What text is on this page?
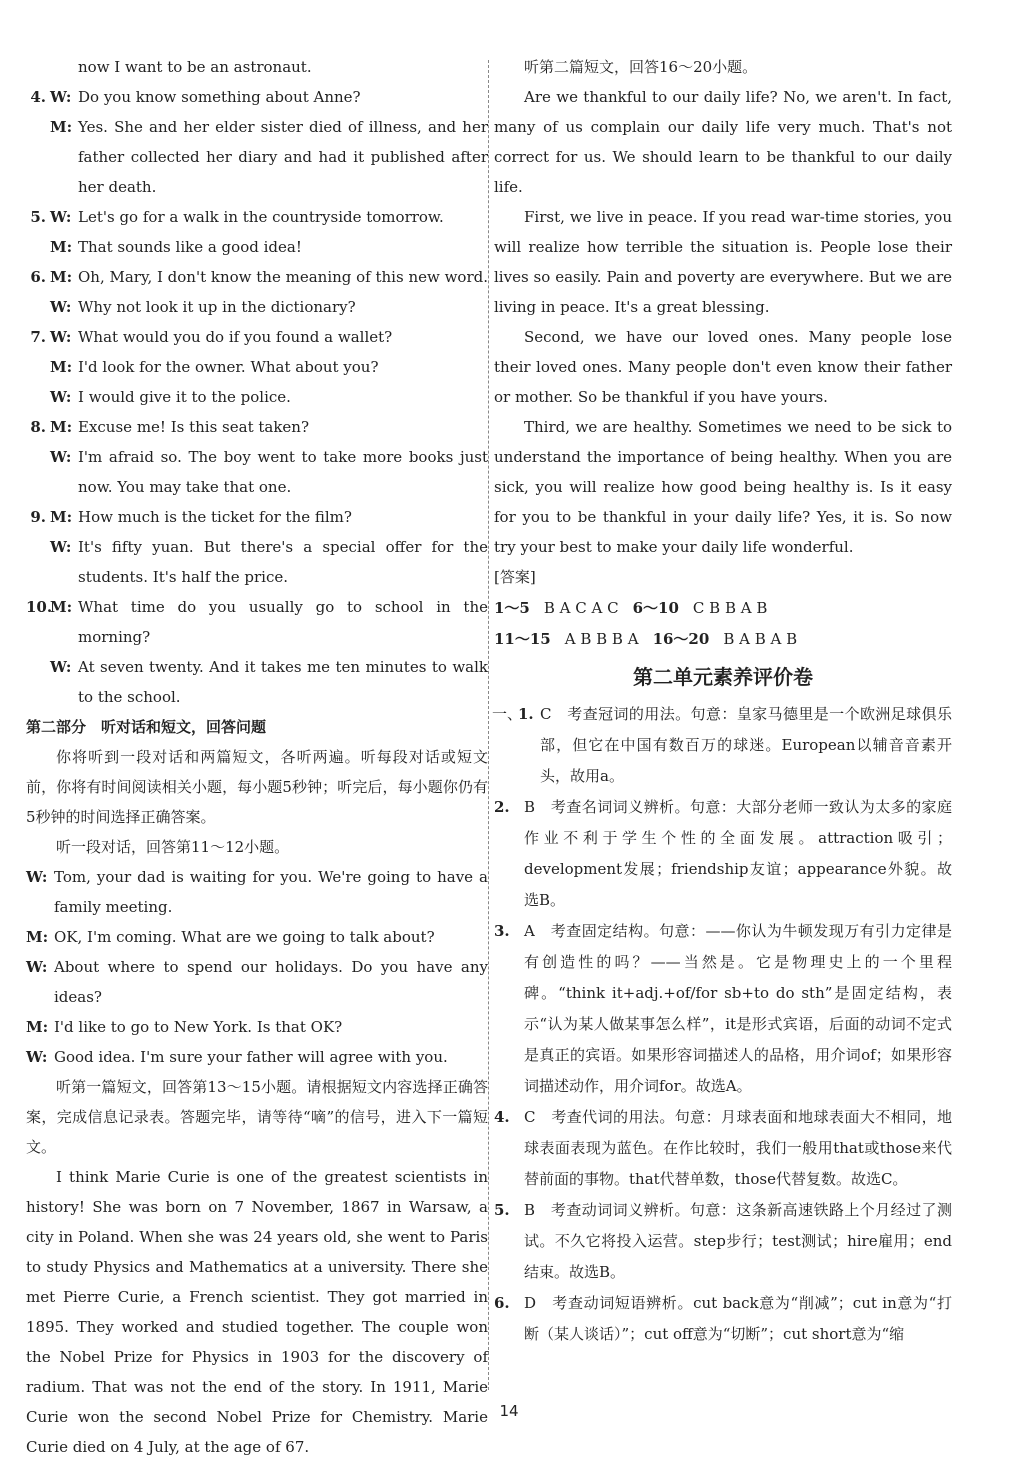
now I want to be an astronaut.
4. W: Do you know something about Anne?
M: Yes. She and her elder sister died of illness, and her father collected her diary and had it published after her death.
5. W: Let's go for a walk in the countryside tomorrow.
M: That sounds like a good idea!
6. M: Oh, Mary, I don't know the meaning of this new word.
W: Why not look it up in the dictionary?
7. W: What would you do if you found a wallet?
M: I'd look for the owner. What about you?
W: I would give it to the police.
8. M: Excuse me! Is this seat taken?
W: I'm afraid so. The boy went to take more books just now. You may take that one.
9. M: How much is the ticket for the film?
W: It's fifty yuan. But there's a special offer for the students. It's half the price.
10.
M: What time do you usually go to school in the morning?
W: At seven twenty. And it takes me ten minutes to walk to the school.
第二部分　听对话和短文，回答问题

你将听到一段对话和两篇短文，各听两遍。听每段对话或短文前，你将有时间阅读相关小题，每小题5秒钟；听完后，每小题你仍有5秒钟的时间选择正确答案。

听一段对话，回答第11～12小题。

W: Tom, your dad is waiting for you. We're going to have a family meeting.
M: OK, I'm coming. What are we going to talk about?
W: About where to spend our holidays. Do you have any ideas?
M: I'd like to go to New York. Is that OK?
W: Good idea. I'm sure your father will agree with you.

听第一篇短文，回答第13～15小题。请根据短文内容选择正确答案，完成信息记录表。答题完毕，请等待“嘀”的信号，进入下一篇短文。

I think Marie Curie is one of the greatest scientists in history! She was born on 7 November, 1867 in Warsaw, a city in Poland. When she was 24 years old, she went to Paris to study Physics and Mathematics at a university. There she met Pierre Curie, a French scientist. They got married in 1895. They worked and studied together. The couple won the Nobel Prize for Physics in 1903 for the discovery of radium. That was not the end of the story. In 1911, Marie Curie won the second Nobel Prize for Chemistry. Marie Curie died on 4 July, at the age of 67.

听第二篇短文，回答16～20小题。

Are we thankful to our daily life? No, we aren't. In fact, many of us complain our daily life very much. That's not correct for us. We should learn to be thankful to our daily life.

First, we live in peace. If you read war-time stories, you will realize how terrible the situation is. People lose their lives so easily. Pain and poverty are everywhere. But we are living in peace. It's a great blessing.

Second, we have our loved ones. Many people lose their loved ones. Many people don't even know their father or mother. So be thankful if you have yours.

Third, we are healthy. Sometimes we need to be sick to understand the importance of being healthy. When you are sick, you will realize how good being healthy is. Is it easy for you to be thankful in your daily life? Yes, it is. So now try your best to make your daily life wonderful.

[答案]
1～5 B A C A C 6～10 C B B A B
11～15 A B B B A 16～20 B A B A B
第二单元素养评价卷
一、
1. C　考查冠词的用法。句意：皇家马德里是一个欧洲足球俱乐部，但它在中国有数百万的球迷。European以辅音音素开头，故用a。
2. B　考查名词词义辨析。句意：大部分老师一致认为太多的家庭作业不利于学生个性的全面发展。attraction吸引；development发展；friendship友谊；appearance外貌。故选B。
3. A　考查固定结构。句意：——你认为牛顿发现万有引力定律是有创造性的吗？——当然是。它是物理史上的一个里程碑。“think it+adj.+of/for sb+to do sth”是固定结构，表示“认为某人做某事怎么样”，it是形式宾语，后面的动词不定式是真正的宾语。如果形容词描述人的品格，用介词of；如果形容词描述动作，用介词for。故选A。
4. C　考查代词的用法。句意：月球表面和地球表面大不相同，地球表面表现为蓝色。在作比较时，我们一般用that或those来代替前面的事物。that代替单数，those代替复数。故选C。
5. B　考查动词词义辨析。句意：这条新高速铁路上个月经过了测试。不久它将投入运营。step步行；test测试；hire雇用；end结束。故选B。
6. D　考查动词短语辨析。cut back意为“削减”；cut in意为“打断（某人谈话）”；cut off意为“切断”；cut short意为“缩
14
